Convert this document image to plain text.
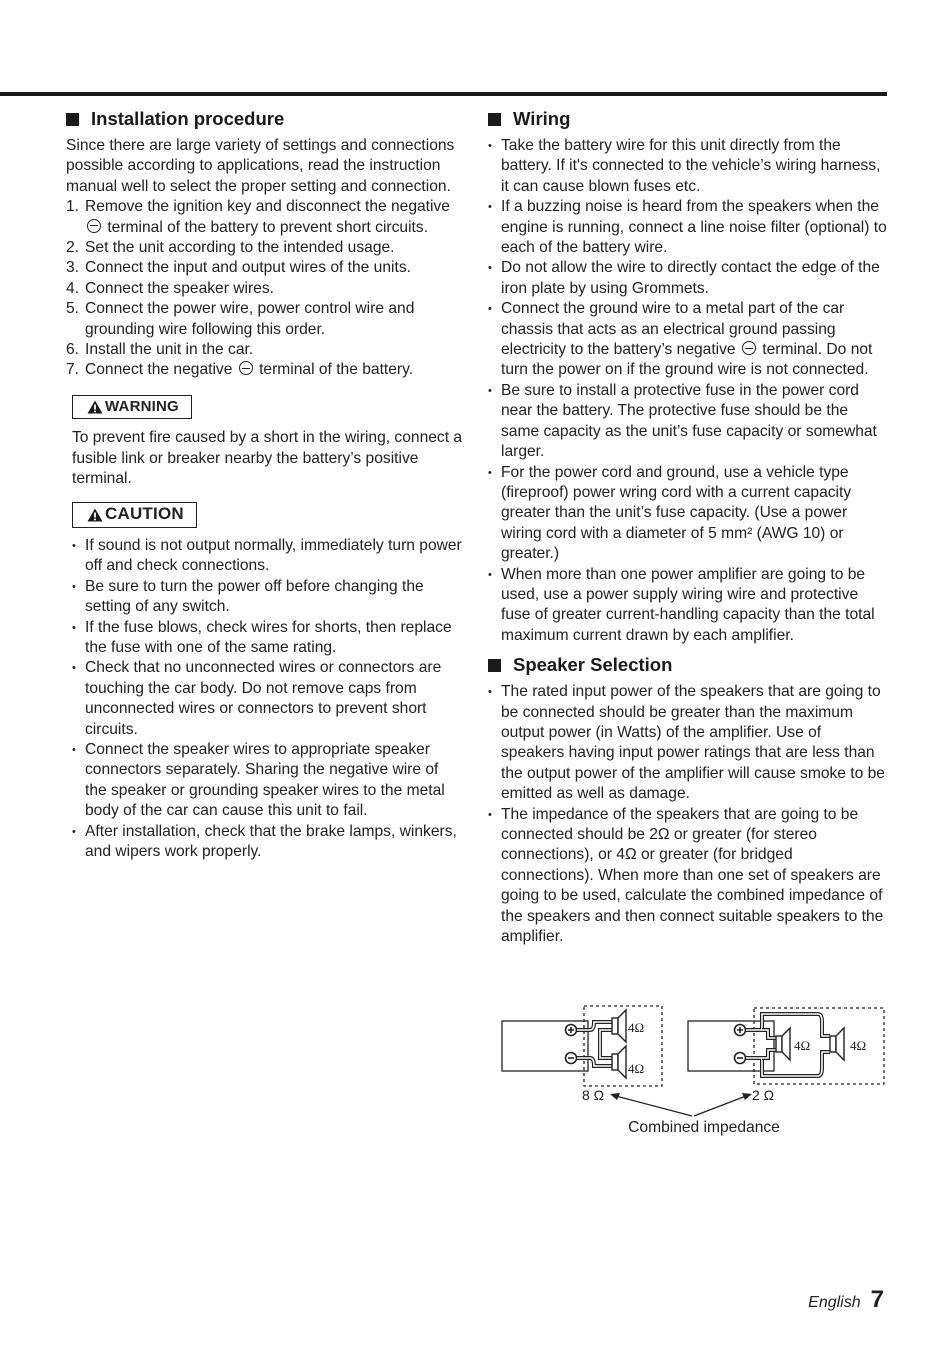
Installation procedure

Since there are large variety of settings and connections possible according to applications, read the instruction manual well to select the proper setting and connection.

1. Remove the ignition key and disconnect the negative  terminal of the battery to prevent short circuits.
2. Set the unit according to the intended usage.
3. Connect the input and output wires of the units.
4. Connect the speaker wires.
5. Connect the power wire, power control wire and grounding wire following this order.
6. Install the unit in the car.
7. Connect the negative terminal of the battery.
WARNING

To prevent fire caused by a short in the wiring, connect a fusible link or breaker nearby the battery’s positive terminal.

CAUTION
• If sound is not output normally, immediately turn power off and check connections.
• Be sure to turn the power off before changing the setting of any switch.
• If the fuse blows, check wires for shorts, then replace the fuse with one of the same rating.
• Check that no unconnected wires or connectors are touching the car body. Do not remove caps from unconnected wires or connectors to prevent short circuits.
• Connect the speaker wires to appropriate speaker connectors separately. Sharing the negative wire of the speaker or grounding speaker wires to the metal body of the car can cause this unit to fail.
• After installation, check that the brake lamps, winkers, and wipers work properly.
Wiring
• Take the battery wire for this unit directly from the battery. If it's connected to the vehicle’s wiring harness, it can cause blown fuses etc.
• If a buzzing noise is heard from the speakers when the engine is running, connect a line noise filter (optional) to each of the battery wire.
• Do not allow the wire to directly contact the edge of the iron plate by using Grommets.
• Connect the ground wire to a metal part of the car chassis that acts as an electrical ground passing electricity to the battery’s negative terminal. Do not turn the power on if the ground wire is not connected.
• Be sure to install a protective fuse in the power cord near the battery. The protective fuse should be the same capacity as the unit’s fuse capacity or somewhat larger.
• For the power cord and ground, use a vehicle type (fireproof) power wring cord with a current capacity greater than the unit’s fuse capacity. (Use a power wiring cord with a diameter of 5 mm² (AWG 10) or greater.)
• When more than one power amplifier are going to be used, use a power supply wiring wire and protective fuse of greater current-handling capacity than the total maximum current drawn by each amplifier.
Speaker Selection
• The rated input power of the speakers that are going to be connected should be greater than the maximum output power (in Watts) of the amplifier. Use of speakers having input power ratings that are less than the output power of the amplifier will cause smoke to be emitted as well as damage.
• The impedance of the speakers that are going to be connected should be 2Ω or greater (for stereo connections), or 4Ω or greater (for bridged connections). When more than one set of speakers are going to be used, calculate the combined impedance of the speakers and then connect suitable speakers to the amplifier.
4Ω
4Ω
8 Ω
4Ω	4Ω
2 Ω
Combined impedance
English 7
